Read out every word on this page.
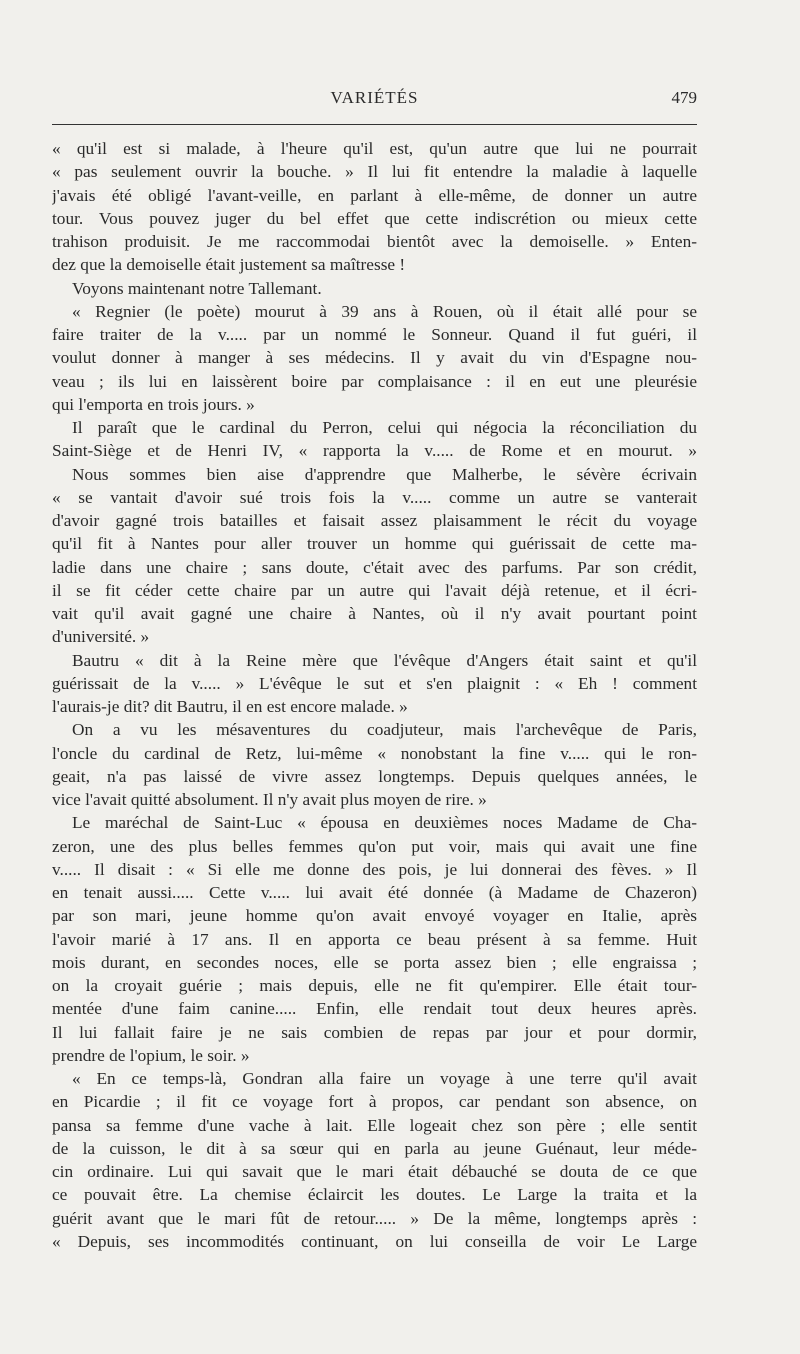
VARIÉTÉS	479
« qu'il est si malade, à l'heure qu'il est, qu'un autre que lui ne pourrait
« pas seulement ouvrir la bouche. » Il lui fit entendre la maladie à laquelle
j'avais été obligé l'avant-veille, en parlant à elle-même, de donner un autre
tour. Vous pouvez juger du bel effet que cette indiscrétion ou mieux cette
trahison produisit. Je me raccommodai bientôt avec la demoiselle. » Enten-
dez que la demoiselle était justement sa maîtresse !
Voyons maintenant notre Tallemant.
« Regnier (le poète) mourut à 39 ans à Rouen, où il était allé pour se
faire traiter de la v..... par un nommé le Sonneur. Quand il fut guéri, il
voulut donner à manger à ses médecins. Il y avait du vin d'Espagne nou-
veau ; ils lui en laissèrent boire par complaisance : il en eut une pleurésie
qui l'emporta en trois jours. »
Il paraît que le cardinal du Perron, celui qui négocia la réconciliation du
Saint-Siège et de Henri IV, « rapporta la v..... de Rome et en mourut. »
Nous sommes bien aise d'apprendre que Malherbe, le sévère écrivain
« se vantait d'avoir sué trois fois la v..... comme un autre se vanterait
d'avoir gagné trois batailles et faisait assez plaisamment le récit du voyage
qu'il fit à Nantes pour aller trouver un homme qui guérissait de cette ma-
ladie dans une chaire ; sans doute, c'était avec des parfums. Par son crédit,
il se fit céder cette chaire par un autre qui l'avait déjà retenue, et il écri-
vait qu'il avait gagné une chaire à Nantes, où il n'y avait pourtant point
d'université. »
Bautru « dit à la Reine mère que l'évêque d'Angers était saint et qu'il
guérissait de la v..... » L'évêque le sut et s'en plaignit : « Eh ! comment
l'aurais-je dit? dit Bautru, il en est encore malade. »
On a vu les mésaventures du coadjuteur, mais l'archevêque de Paris,
l'oncle du cardinal de Retz, lui-même « nonobstant la fine v..... qui le ron-
geait, n'a pas laissé de vivre assez longtemps. Depuis quelques années, le
vice l'avait quitté absolument. Il n'y avait plus moyen de rire. »
Le maréchal de Saint-Luc « épousa en deuxièmes noces Madame de Cha-
zeron, une des plus belles femmes qu'on put voir, mais qui avait une fine
v..... Il disait : « Si elle me donne des pois, je lui donnerai des fèves. » Il
en tenait aussi..... Cette v..... lui avait été donnée (à Madame de Chazeron)
par son mari, jeune homme qu'on avait envoyé voyager en Italie, après
l'avoir marié à 17 ans. Il en apporta ce beau présent à sa femme. Huit
mois durant, en secondes noces, elle se porta assez bien ; elle engraissa ;
on la croyait guérie ; mais depuis, elle ne fit qu'empirer. Elle était tour-
mentée d'une faim canine..... Enfin, elle rendait tout deux heures après.
Il lui fallait faire je ne sais combien de repas par jour et pour dormir,
prendre de l'opium, le soir. »
« En ce temps-là, Gondran alla faire un voyage à une terre qu'il avait
en Picardie ; il fit ce voyage fort à propos, car pendant son absence, on
pansa sa femme d'une vache à lait. Elle logeait chez son père ; elle sentit
de la cuisson, le dit à sa sœur qui en parla au jeune Guénaut, leur méde-
cin ordinaire. Lui qui savait que le mari était débauché se douta de ce que
ce pouvait être. La chemise éclaircit les doutes. Le Large la traita et la
guérit avant que le mari fût de retour..... » De la même, longtemps après :
« Depuis, ses incommodités continuant, on lui conseilla de voir Le Large
